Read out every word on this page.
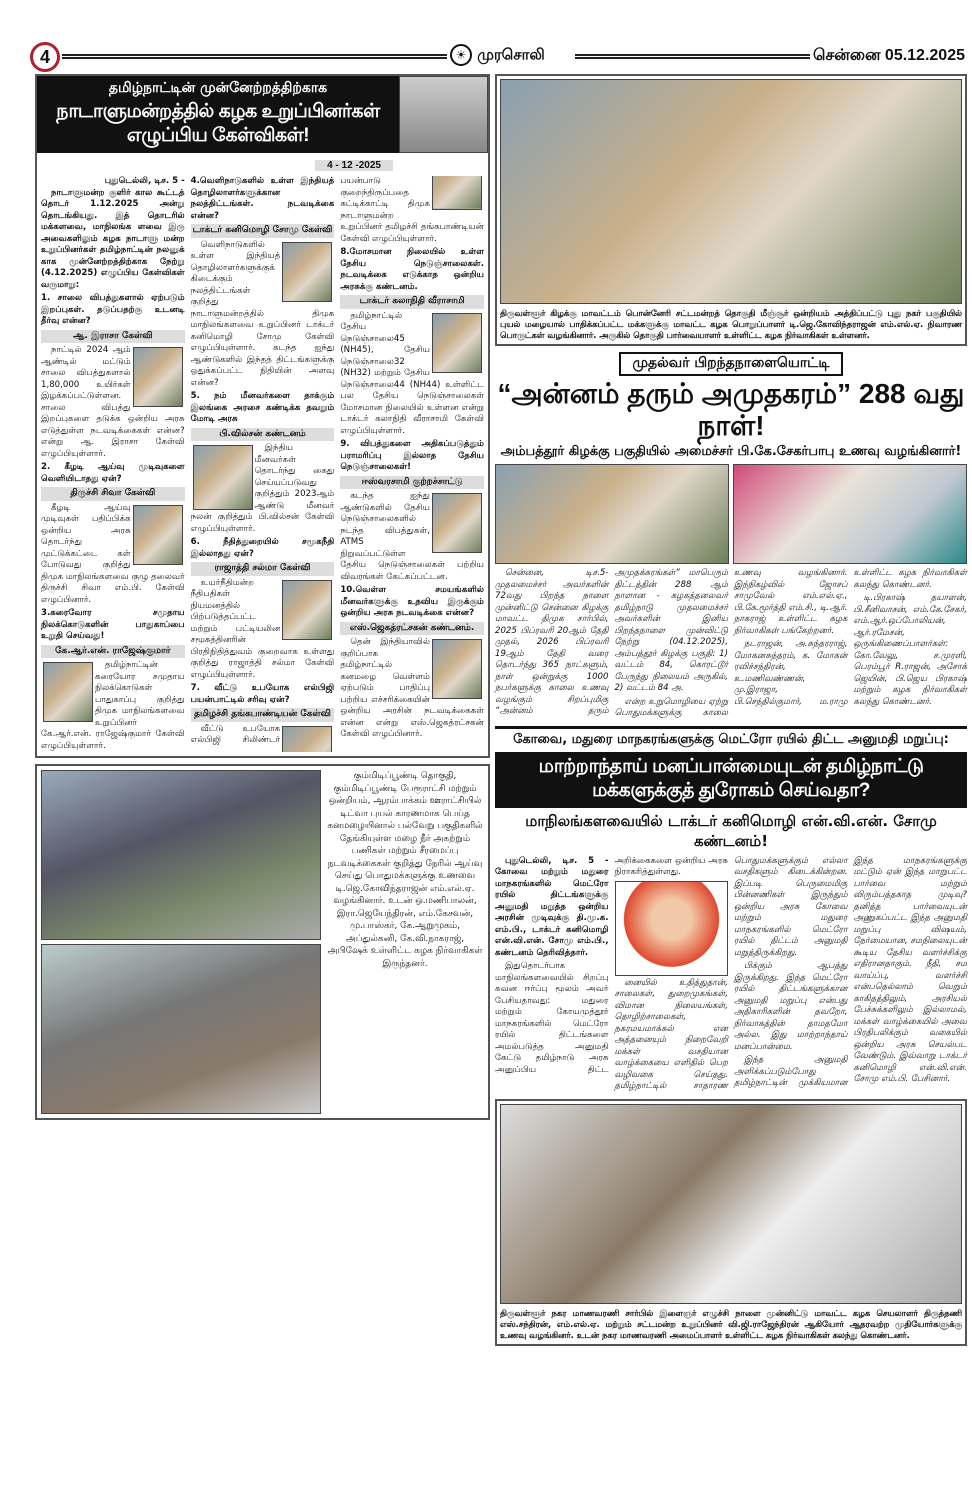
4	☀ முரசொலி	சென்னை 05.12.2025
தமிழ்நாட்டின் முன்னேற்றத்திற்காக
நாடாளுமன்றத்தில் கழக உறுப்பினர்கள் எழுப்பிய கேள்விகள்!
4 - 12 -2025
புதுடெல்லி, டிச. 5 -

நாடாளுமன்ற குளிர் கால கூட்டத் தொடர் 1.12.2025 அன்று தொடங்கியது. இத் தொடரில் மக்களவை, மாநிலங்க ளவை இரு அவைகளிலும் கழக நாடாளு மன்ற உறுப்பினர்கள் தமிழ்நாட்டின் நலனுக் காக முன்னேற்றத்திற்காக நேற்று (4.12.2025) எழுப்பிய கேள்விகள் வருமாறு:

1. சாலை விபத்துகளால் ஏற்படும் இறப்புகள். தடுப்பதற்கு உடனடி தீர்வு என்ன?
ஆ. இராசா கேள்வி

நாட்டில் 2024 ஆம் ஆண்டில் மட்டும் சாலை விபத்துகளால் 1,80,000 உயிர்கள் இழக்கப்பட்டுள்ளன. சாலை விபத்து இறப்புகளை தடுக்க ஒன்றிய அரசு எடுத்துள்ள நடவடிக்கைகள் என்ன? என்று ஆ. இராசா கேள்வி எழுப்பியுள்ளார்.

2. கீழடி ஆய்வு முடிவுகளை வெளியிடாதது ஏன்?
திருச்சி சிவா கேள்வி

கீழடி ஆய்வு முடிவுகள் பதிப்பிக்க ஒன்றிய அரசு தொடர்ந்து முட்டுக்கட்டை கள் போடுவது குறித்து திமுக மாநிலங்களவை குழு தலைவர் திருச்சி சிவா எம்.பி. கேள்வி எழுப்பினார்.

3.கரைவோர சமுதாய நிலக்கொடுகளின் பாதுகாப்பை உறுதி செய்வது!
கே.ஆர்.என். ராஜேஷ்குமார்

தமிழ்நாட்டின் கரையோர சமுதாய நிலக்கொடுகள் பாதுகாப்பு குறித்து திமுக மாநிலங்களவை உறுப்பினர் கே.ஆர்.என். ராஜேஷ்குமார் கேள்வி எழுப்பியுள்ளார்.

4.வெளிநாடுகளில் உள்ள இந்தியத் தொழிலாளர்களுக்கான நலத்திட்டங்கள். நடவடிக்கை என்ன?
டாக்டர் கனிமொழி சோமு கேள்வி

வெளிநாடுகளில் உள்ள இந்தியத் தொழிலாளர்களுக்குக் கிடைக்கும் நலத்திட்டங்கள் குறித்து நாடாளுமன்றத்தில் திமுக மாநிலங்களவை உறுப்பினர் டாக்டர் கனிமொழி சோமு கேள்வி எழுப்பியுள்ளார். கடந்த ஐந்து ஆண்டுகளில் இந்தத் திட்டங்களுக்கு ஒதுக்கப்பட்ட நிதியின் அளவு என்ன?

5. நம் மீனவர்களை தாக்கும் இலங்கை அரசை கண்டிக்க தவறும் மோடி அரசு
பி.வில்சன் கண்டனம்

இந்திய மீனவர்கள் தொடர்ந்து கைது செய்யப்படுவது குறித்தும் 2023ஆம் ஆண்டு மீனவர் நலன் குறித்தும் பி.வில்சன் கேள்வி எழுப்பியுள்ளார்.

6. நீதித்துறையில் சமூகநீதி இல்லாதது ஏன்?
ராஜாத்தி சல்மா கேள்வி

உயர்நீதிமன்ற நீதிபதிகள் நியமனத்தில் பிற்படுத்தப்பட்ட மற்றும் பட்டியலின சமூகத்தினரின் பிரதிநிதித்துவம் குறைவாக உள்ளது குறித்து ராஜாத்தி சல்மா கேள்வி எழுப்பியுள்ளார்.

7. வீட்டு உபயோக எல்பிஜி பயன்பாட்டில் சரிவு ஏன்?
தமிழச்சி தங்கபாண்டியன் கேள்வி

வீட்டு உபயோக எல்பிஜி சிலிண்டர் பயன்பாடு குறைந்திருப்பதை சுட்டிக்காட்டி திமுக நாடாளுமன்ற உறுப்பினர் தமிழச்சி தங்கபாண்டியன் கேள்வி எழுப்பியுள்ளார்.

8.மோசமான நிலையில் உள்ள தேசிய நெடுஞ்சாலைகள். நடவடிக்கை எடுக்காத ஒன்றிய அரசுக்கு கண்டனம்.
டாக்டர் கலாநிதி வீராசாமி

தமிழ்நாட்டில் தேசிய நெடுஞ்சாலை45 (NH45), தேசிய நெடுஞ்சாலை32 (NH32) மற்றும் தேசிய நெடுஞ்சாலை44 (NH44) உள்ளிட்ட பல தேசிய நெடுஞ்சாலைகள் மோசமான நிலையில் உள்ளன என்று டாக்டர் கலாநிதி வீராசாமி கேள்வி எழுப்பியுள்ளார்.

9. விபத்துகளை அதிகப்படுத்தும் பராமரிப்பு இல்லாத தேசிய நெடுஞ்சாலைகள்!
ஈஸ்வரசாமி குற்றச்சாட்டு

கடந்த ஐந்து ஆண்டுகளில் தேசிய நெடுஞ்சாலைகளில் நடந்த விபத்துகள், ATMS நிறுவப்பட்டுள்ள தேசிய நெடுஞ்சாலைகள் பற்றிய விவரங்கள் கேட்கப்பட்டன.

10.வெள்ள சமயங்களில் மீனவர்களுக்கு உதவிய இருக்கும் ஒன்றிய அரசு நடவடிக்கை என்ன?
எஸ்.ஜெகத்ரட்சகன் கண்டனம்.

தென் இந்தியாவில் குறிப்பாக தமிழ்நாட்டில் கனமழை வெள்ளம் ஏற்படும் பாதிப்பு பற்றிய எச்சரிக்கையின் ஒன்றிய அரசின் நடவடிக்கைகள் என்ன என்று எஸ்.ஜெகத்ரட்சகன் கேள்வி எழுப்பினார்.

கும்மிடிப்பூண்டி தொகுதி, கும்மிடிப்பூண்டி பேரூராட்சி மற்றும் ஒன்றியம், ஆரம்பாக்கம் ஊராட்சியில் டிட்வா புயல் காரணமாக பெய்த கனமழையினால் பல்வேறு பகுதிகளில் தேங்கியுள்ள மழை நீர் அகற்றும் பணிகள் மற்றும் சீரமைப்பு நடவடிக்கைகள் குறித்து நேரில் ஆய்வு செய்து பொதுமக்களுக்கு உணவை டி.ஜெ.கோவிந்தராஜன் எம்.எல்.ஏ. வழங்கினார். உடன் ஒ.மணிபாலன், இரா.ஜெயேந்திரன், எம்.கேசவன், மு.பாஸ்கர், கே.ஆறுமுகம், அப்துல்கனி, கே.வி.நாகராஜ், அபிஷேக் உள்ளிட்ட கழக நிர்வாகிகள் இருந்தனர்.
திருவள்ளூர் கிழக்கு மாவட்டம் பொன்னேரி சட்டமன்றத் தொகுதி மீஞ்சூர் ஒன்றியம் அத்திப்பட்டு புது நகர் பகுதியில் புயல் மழையால் பாதிக்கப்பட்ட மக்களுக்கு மாவட்ட கழக பொறுப்பாளர் டி.ஜெ.கோவிந்தராஜன் எம்.எல்.ஏ. நிவாரண பொருட்கள் வழங்கினார். அருகில் தொகுதி பார்வையாளர் உள்ளிட்ட கழக நிர்வாகிகள் உள்ளனர்.
முதல்வர் பிறந்தநாளையொட்டி
“அன்னம் தரும் அமுதகரம்” 288 வது நாள்!
அம்பத்தூர் கிழக்கு பகுதியில் அமைச்சர் பி.கே.சேகர்பாபு உணவு வழங்கினார்!

சென்னை, டிச.5- முதலமைச்சர் அவர்களின் 72வது பிறந்த நாளை முன்னிட்டு சென்னை கிழக்கு மாவட்ட திமுக சார்பில், 2025 பிப்ரவரி 20ஆம் தேதி முதல், 2026 பிப்ரவரி 19ஆம் தேதி வரை தொடர்ந்து 365 நாட்களும், நாள் ஒன்றுக்கு 1000 நபர்களுக்கு காலை உணவு வழங்கும் சிறப்புமிகு “அன்னம் தரும் அமுதக்கரங்கள்” மாபெரும் திட்டத்தின் 288 ஆம் நாளான - கழகத்தலைவர் தமிழ்நாடு முதலமைச்சர் அவர்களின் இனிய பிறந்தநாளை முன்விட்டு நேற்று (04.12.2025), அம்பத்தூர் கிழக்கு பகுதி: 1) வட்டம் 84, கொரட்டூர் பேருந்து நிலையம் அருகில், 2) வட்டம் 84 அ.

என்ற உறுமொழியை ஏற்று பொதுமக்களுக்கு காலை உணவு வழங்கினார். இந்நிகழ்வில் ஜோசப் சாமுவேல் எம்.எல்.ஏ., பி.கே.மூர்த்தி எம்.சி., டி.ஆர். நாகராஜ் உள்ளிட்ட கழக நிர்வாகிகள் பங்கேற்றனர்.

நடராஜன், அ.சுந்தரராஜ், மோகனசுந்தரம், க. மோகன் ரவிச்சந்திரன், உ.மணிவண்ணன், மு.இராஜா, பி.செந்தில்குமார், ம.ராமு உள்ளிட்ட கழக நிர்வாகிகள் கலந்து கொண்டனர்.

டி.பிரகாஷ் தயாளன், பி.சீனிவாசன், எம்.கே.சேகர், எம்.ஆர்.ஒப்போலியன், ஆர்.ரமேசன், ஒருங்கிணைப்பாளர்கள்: கோ.வேலு, ச.முரளி, பெரம்பூர் R.ராஜன், அசோக் ஜெயின், பி.ஜெய பிரகாஷ் மற்றும் கழக நிர்வாகிகள் கலந்து கொண்டனர்.

கோவை, மதுரை மாநகரங்களுக்கு மெட்ரோ ரயில் திட்ட அனுமதி மறுப்பு:
மாற்றாந்தாய் மனப்பான்மையுடன் தமிழ்நாட்டு மக்களுக்குத் துரோகம் செய்வதா?
மாநிலங்களவையில் டாக்டர் கனிமொழி என்.வி.என். சோமு கண்டனம்!

புதுடெல்லி, டிச. 5 - கோவை மற்றும் மதுரை மாநகரங்களில் மெட்ரோ ரயில் திட்டங்களுக்கு அனுமதி மறுத்த ஒன்றிய அரசின் முடிவுக்கு தி.மு.க. எம்.பி., டாக்டர் கனிமொழி என்.வி.என். சோமு எம்.பி., கண்டனம் தெரிவித்தார்.

இதுதொடர்பாக மாநிலங்களவையில் சிறப்பு கவன ஈர்ப்பு மூலம் அவர் பேசியதாவது: மதுரை மற்றும் கோயமுத்தூர் மாநகரங்களில் மெட்ரோ ரயில் திட்டங்களை அமல்படுத்த அனுமதி கேட்டு தமிழ்நாடு அரசு அனுப்பிய திட்ட அறிக்கைகளை ஒன்றிய அரசு நிராகரித்துள்ளது.

னையில் உதித்துதான், சாலைகள், துறைமுகங்கள், விமான நிலையங்கள், தொழிற்சாலைகள், நகரமயமாக்கல் என அத்தனையும் நிறைவேறி மக்கள் வசதியான வாழ்க்கையை எளிதில் பெற வழிவகை செய்தது. தமிழ்நாட்டில் சாதாரண பொதுமக்களுக்கும் எல்லா வசதிகளும் கிடைக்கின்றன. இப்படி பெருமைமிகு பின்னணிகள் இருந்தும் ஒன்றிய அரசு கோவை மற்றும் மதுரை மாநகரங்களில் மெட்ரோ ரயில் திட்டம் அனுமதி மறுத்திருக்கிறது.

பிக்கும் ஆபத்து இருக்கிறது. இந்த மெட்ரோ ரயில் திட்டங்களுக்கான அனுமதி மறுப்பு என்பது அதிகாரிகளின் தவறோ, நிர்வாகத்தின் தாமதமோ அல்ல. இது மாற்றாந்தாய் மனப்பான்மை.

இந்த அனுமதி அளிக்கப்படும்போது தமிழ்நாட்டின் முக்கியமான இந்த மாநகரங்களுக்கு மட்டும் ஏன் இந்த மாறுபட்ட பார்வை மற்றும் விரும்பத்தகாத முடிவு? தனித்த பார்வையுடன் அணுகப்பட்ட இந்த அனுமதி மறுப்பு விஷயம், நேர்மையான, சமநிலையுடன் கூடிய தேசிய வளர்ச்சிக்கு எதிரானதாகும். நீதி, சம வாய்ப்பு, வளர்ச்சி என்பதெல்லாம் வெறும் காகிதத்திலும், அரசியல் பேச்சுக்களிலும் இல்லாமல், மக்கள் வாழ்க்கையில் அவை பிரதிபலிக்கும் வகையில் ஒன்றிய அரசு செயல்பட வேண்டும். இவ்வாறு டாக்டர் கனிமொழி என்.வி.என். சோமு எம்.பி. பேசினார்.

திருவள்ளூர் நகர மாணவரணி சார்பில் இளைஞர் எழுச்சி நாளை முன்னிட்டு மாவட்ட கழக செயலாளர் திருத்தணி எஸ்.சந்திரன், எம்.எல்.ஏ. மற்றும் சட்டமன்ற உறுப்பினர் வி.ஜி.ராஜேந்திரன் ஆகியோர் ஆதரவற்ற முதியோர்களுக்கு உணவு வழங்கினர். உடன் நகர மாணவரணி அமைப்பாளர் உள்ளிட்ட கழக நிர்வாகிகள் கலந்து கொண்டனர்.
